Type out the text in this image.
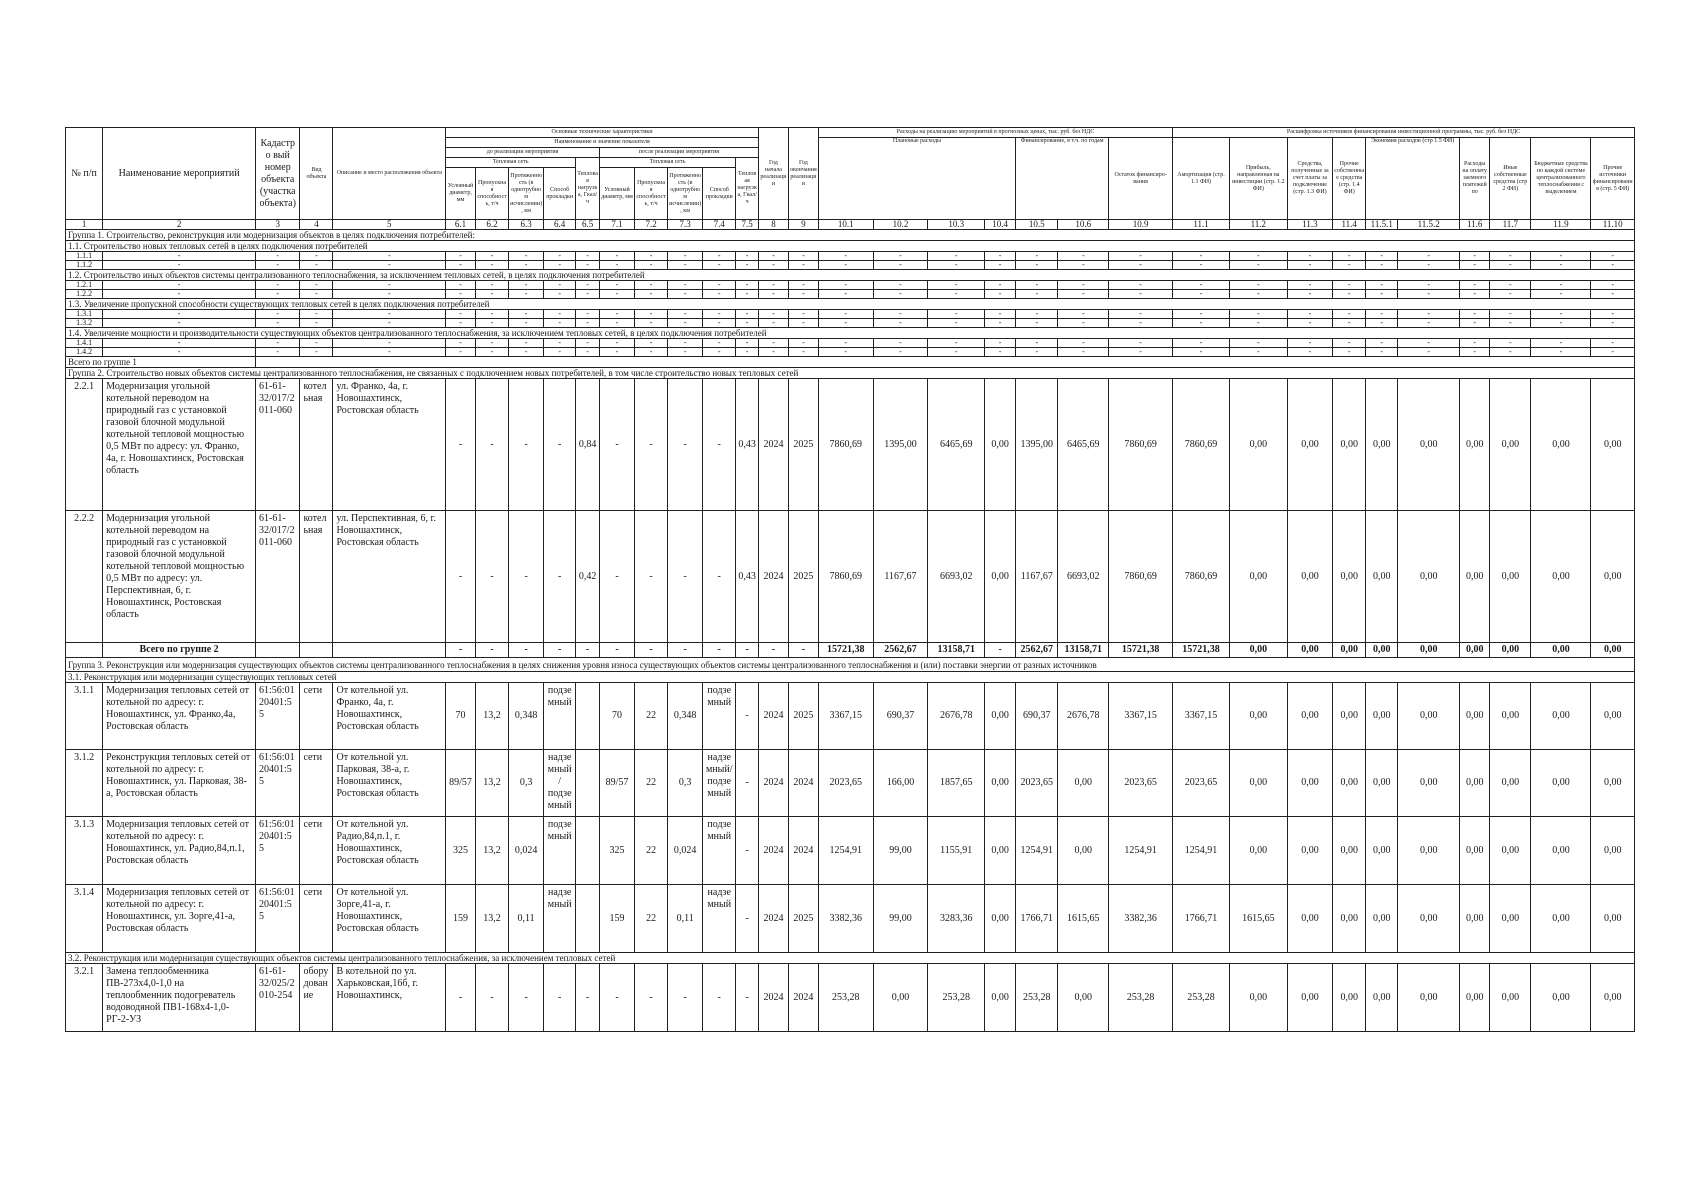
№ п/п	Наименование мероприятий	Кадастро вый номер объекта (участка объекта)	Вид объекта	Описание и место расположения объекта	Основные технические характеристики										Год начала реализации	Год окончания реализации	Расходы на реализацию мероприятий в прогнозных ценах, тыс. руб. без НДС							Расшифровка источников финансирования инвестиционной программы, тыс. руб. без НДС									
					Наименование и значение показателя												Плановые расходы				Финансирование, в т.ч. по годам		Остаток финансиро-вания	Амортизация (стр. 1.1 ФИ)	Прибыль, направленная на инвестиции (стр. 1.2 ФИ)	Средства, полученные за счет платы за подключение (стр. 1.3 ФИ)	Прочие собственные средства (стр. 1.4 ФИ)	Экономия расходов (стр 1.5 ФИ)		Расходы на оплату заемного платежей по	Иные собственные средства (стр 2 ФИ)	Бюджетные средства по каждой системе централизованного теплоснабжения с выделением	Прочие источники финансирования (стр. 5 ФИ)
					до реализации мероприятия					после реализации мероприятия																							
					Тепловая сеть				Тепловая нагрузка, Гкал/ч	Тепловая сеть				Тепловая нагрузка, Гкал/ч																			
					Условный диаметр, мм	Пропускная способность, т/ч	Протяженность (в однотрубном исчислении), км	Способ прокладки		Условный диаметр, мм	Пропускная способность, т/ч	Протяженность (в однотрубном исчислении), км	Способ прокладки																				

1	2	3	4	5	6.1	6.2	6.3	6.4	6.5	7.1	7.2	7.3	7.4	7.5	8	9	10.1	10.2	10.3	10.4	10.5	10.6	10.9	11.1	11.2	11.3	11.4	11.5.1	11.5.2	11.6	11.7	11.9	11.10
Группа 1. Строительство, реконструкция или модернизация объектов в целях подключения потребителей:																																	
1.1. Строительство новых тепловых сетей в целях подключения потребителей																																	
1.1.1	-	-	-	-	-	-	-	-	-	-	-	-	-	-	-	-	-	-	-	-	-	-	-	-	-	-	-	-	-	-	-	-	-
1.1.2	-	-	-	-	-	-	-	-	-	-	-	-	-	-	-	-	-	-	-	-	-	-	-	-	-	-	-	-	-	-	-	-	-
1.2. Строительство иных объектов системы централизованного теплоснабжения, за исключением тепловых сетей, в целях подключения потребителей																																	
1.2.1	-	-	-	-	-	-	-	-	-	-	-	-	-	-	-	-	-	-	-	-	-	-	-	-	-	-	-	-	-	-	-	-	-
1.2.2	-	-	-	-	-	-	-	-	-	-	-	-	-	-	-	-	-	-	-	-	-	-	-	-	-	-	-	-	-	-	-	-	-
1.3. Увеличение пропускной способности существующих тепловых сетей в целях подключения потребителей																																	
1.3.1	-	-	-	-	-	-	-	-	-	-	-	-	-	-	-	-	-	-	-	-	-	-	-	-	-	-	-	-	-	-	-	-	-
1.3.2	-	-	-	-	-	-	-	-	-	-	-	-	-	-	-	-	-	-	-	-	-	-	-	-	-	-	-	-	-	-	-	-	-
1.4. Увеличение мощности и производительности существующих объектов централизованного теплоснабжения, за исключением тепловых сетей, в целях подключения потребителей																																	
1.4.1	-	-	-	-	-	-	-	-	-	-	-	-	-	-	-	-	-	-	-	-	-	-	-	-	-	-	-	-	-	-	-	-	-
1.4.2	-	-	-	-	-	-	-	-	-	-	-	-	-	-	-	-	-	-	-	-	-	-	-	-	-	-	-	-	-	-	-	-	-
Всего по группе 1																																	
Группа 2. Строительство новых объектов системы централизованного теплоснабжения, не связанных с подключением новых потребителей, в том числе строительство новых тепловых сетей																																	
2.2.1	Модернизация угольной котельной переводом на природный газ с установкой газовой блочной модульной котельной тепловой мощностью 0,5 МВт по адресу: ул. Франко, 4а, г. Новошахтинск, Ростовская область	61-61-32/017/2011-060	котельная	ул. Франко, 4а, г. Новошахтинск, Ростовская область	-	-	-	-	0,84	-	-	-	-	0,43	2024	2025	7860,69	1395,00	6465,69	0,00	1395,00	6465,69	7860,69	7860,69	0,00	0,00	0,00	0,00	0,00	0,00	0,00	0,00	0,00
2.2.2	Модернизация угольной котельной переводом на природный газ с установкой газовой блочной модульной котельной тепловой мощностью 0,5 МВт по адресу: ул. Перспективная, 6, г. Новошахтинск, Ростовская область	61-61-32/017/2011-060	котельная	ул. Перспективная, 6, г. Новошахтинск, Ростовская область	-	-	-	-	0,42	-	-	-	-	0,43	2024	2025	7860,69	1167,67	6693,02	0,00	1167,67	6693,02	7860,69	7860,69	0,00	0,00	0,00	0,00	0,00	0,00	0,00	0,00	0,00
	Всего по группе 2				-	-	-	-	-	-	-	-	-	-	-	-	15721,38	2562,67	13158,71	-	2562,67	13158,71	15721,38	15721,38	0,00	0,00	0,00	0,00	0,00	0,00	0,00	0,00	0,00
Группа 3. Реконструкция или модернизация существующих объектов системы централизованного теплоснабжения в целях снижения уровня износа существующих объектов системы централизованного теплоснабжения и (или) поставки энергии от разных источников																																	
3.1. Реконструкция или модернизация существующих тепловых сетей																																	
3.1.1	Модернизация тепловых сетей от котельной по адресу: г. Новошахтинск, ул. Франко,4а, Ростовская область	61:56:0120401:55	сети	От котельной ул. Франко, 4а, г. Новошахтинск, Ростовская область	70	13,2	0,348	подземный		70	22	0,348	подземный	-	2024	2025	3367,15	690,37	2676,78	0,00	690,37	2676,78	3367,15	3367,15	0,00	0,00	0,00	0,00	0,00	0,00	0,00	0,00	0,00
3.1.2	Реконструкция тепловых сетей от котельной по адресу: г. Новошахтинск, ул. Парковая, 38-а, Ростовская область	61:56:0120401:55	сети	От котельной ул. Парковая, 38-а, г. Новошахтинск, Ростовская область	89/57	13,2	0,3	надземный /подземный		89/57	22	0,3	надземный/ подземный	-	2024	2024	2023,65	166,00	1857,65	0,00	2023,65	0,00	2023,65	2023,65	0,00	0,00	0,00	0,00	0,00	0,00	0,00	0,00	0,00
3.1.3	Модернизация тепловых сетей от котельной по адресу: г. Новошахтинск, ул. Радио,84,п.1, Ростовская область	61:56:0120401:55	сети	От котельной ул. Радио,84,п.1, г. Новошахтинск, Ростовская область	325	13,2	0,024	подземный		325	22	0,024	подземный	-	2024	2024	1254,91	99,00	1155,91	0,00	1254,91	0,00	1254,91	1254,91	0,00	0,00	0,00	0,00	0,00	0,00	0,00	0,00	0,00
3.1.4	Модернизация тепловых сетей от котельной по адресу: г. Новошахтинск, ул. Зорге,41-а, Ростовская область	61:56:0120401:55	сети	От котельной ул. Зорге,41-а, г. Новошахтинск, Ростовская область	159	13,2	0,11	надземный		159	22	0,11	надземный	-	2024	2025	3382,36	99,00	3283,36	0,00	1766,71	1615,65	3382,36	1766,71	1615,65	0,00	0,00	0,00	0,00	0,00	0,00	0,00	0,00
3.2. Реконструкция или модернизация существующих объектов системы централизованного теплоснабжения, за исключением тепловых сетей																																	
3.2.1	Замена теплообменника ПВ-273х4,0-1,0 на теплообменник подогреватель водоводяной ПВ1-168х4-1,0-РГ-2-УЗ	61-61-32/025/2010-254	оборудование	В котельной по ул. Харьковская,16б, г. Новошахтинск,	-	-	-	-	-	-	-	-	-	-	2024	2024	253,28	0,00	253,28	0,00	253,28	0,00	253,28	253,28	0,00	0,00	0,00	0,00	0,00	0,00	0,00	0,00	0,00
